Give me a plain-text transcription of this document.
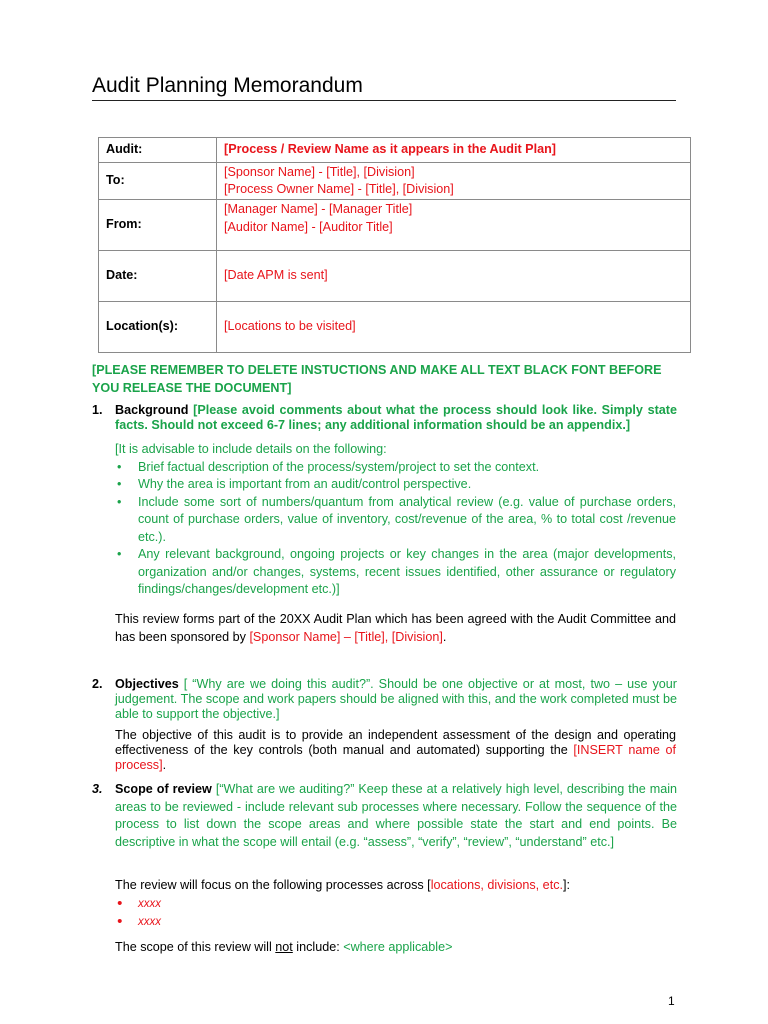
Audit Planning Memorandum
Audit:	[Process / Review Name as it appears in the Audit Plan]
To:	[Sponsor Name] - [Title], [Division]
[Process Owner Name] - [Title], [Division]

From:	[Manager Name] - [Manager Title]
[Auditor Name] - [Auditor Title]

Date:	[Date APM is sent]
Location(s):	[Locations to be visited]
[PLEASE REMEMBER TO DELETE INSTUCTIONS AND MAKE ALL TEXT BLACK FONT BEFORE YOU RELEASE THE DOCUMENT]
1. Background [Please avoid comments about what the process should look like. Simply state facts. Should not exceed 6-7 lines; any additional information should be an appendix.]
[It is advisable to include details on the following:
• Brief factual description of the process/system/project to set the context.
• Why the area is important from an audit/control perspective.
• Include some sort of numbers/quantum from analytical review (e.g. value of purchase orders, count of purchase orders, value of inventory, cost/revenue of the area, % to total cost /revenue etc.).
• Any relevant background, ongoing projects or key changes in the area (major developments, organization and/or changes, systems, recent issues identified, other assurance or regulatory findings/changes/development etc.)]
This review forms part of the 20XX Audit Plan which has been agreed with the Audit Committee and has been sponsored by [Sponsor Name] – [Title], [Division].
2. Objectives [ “Why are we doing this audit?”. Should be one objective or at most, two – use your judgement. The scope and work papers should be aligned with this, and the work completed must be able to support the objective.]
The objective of this audit is to provide an independent assessment of the design and operating effectiveness of the key controls (both manual and automated) supporting the [INSERT name of process].
3. Scope of review [“What are we auditing?” Keep these at a relatively high level, describing the main areas to be reviewed - include relevant sub processes where necessary. Follow the sequence of the process to list down the scope areas and where possible state the start and end points. Be descriptive in what the scope will entail (e.g. “assess”, “verify”, “review”, “understand” etc.]
The review will focus on the following processes across [locations, divisions, etc.]:
• xxxx
• xxxx
The scope of this review will not include: <where applicable>
1
